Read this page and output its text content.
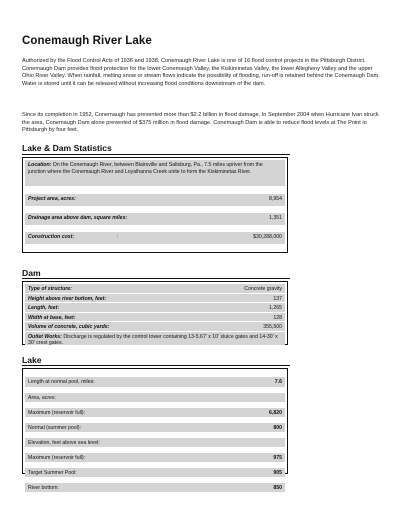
Conemaugh River Lake
Authorized by the Flood Control Acts of 1936 and 1938, Conemaugh River Lake is one of 16 flood control projects in the Pittsburgh District. Conemaugh Dam provides flood protection for the lower Conemaugh Valley, the Kiskiminetas Valley, the lower Allegheny Valley and the upper Ohio River Valley. When rainfall, melting snow or stream flows indicate the possibility of flooding, run-off is retained behind the Conemaugh Dam. Water is stored until it can be released without increasing flood conditions downstream of the dam.
Since its completion in 1952, Conemaugh has prevented more than $2.2 billion in flood damage. In September 2004 when Hurricane Ivan struck the area, Conemaugh Dam alone prevented of $375 million in flood damage. Conemaugh Dam is able to reduce flood levels at The Point in Pittsburgh by four feet.
Lake & Dam Statistics
Location: On the Conemaugh River, between Blairsville and Saltsburg, Pa., 7.5 miles upriver from the junction where the Conemaugh River and Loyalhanna Creek unite to form the Kiskiminetas River.
Project area, acres:	8,954
Drainage area above dam, square miles:	1,351
Construction cost:	:	$30,288,000
Dam
Type of structure:	Concrete gravity
Height above river bottom, feet:	137
Length, feet:	1,265
Width at base, feet:	128
Volume of concrete, cubic yards:	355,500
Outlet Works: Discharge is regulated by the control tower containing 13-5.67' x 10' sluice gates and 14-30' x 30' crest gates.
Lake
Length at normal pool, miles:	7.6
Area, acres:
Maximum (reservoir full):	6,820
Normal (summer pool):	800
Elevation, feet above sea level:
Maximum (reservoir full):	975
Target Summer Pool:	905
River bottom:	850
